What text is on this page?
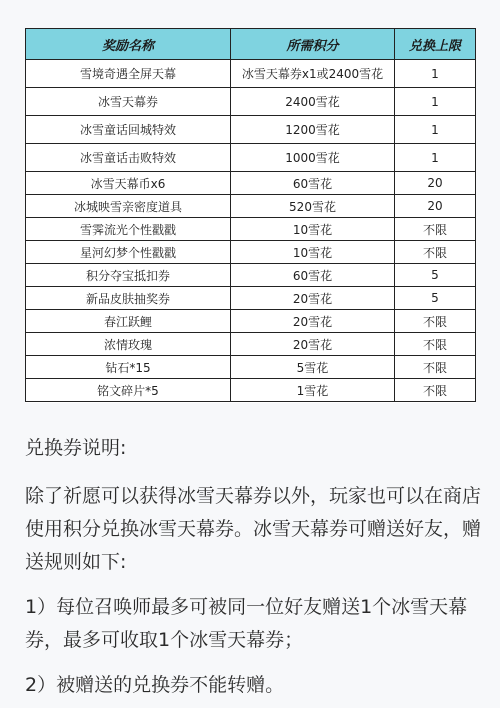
奖励名称	所需积分	兑换上限
雪境奇遇全屏天幕	冰雪天幕券x1或2400雪花	1
冰雪天幕券	2400雪花	1
冰雪童话回城特效	1200雪花	1
冰雪童话击败特效	1000雪花	1
冰雪天幕币x6	60雪花	20
冰城映雪亲密度道具	520雪花	20
雪霁流光个性戳戳	10雪花	不限
星河幻梦个性戳戳	10雪花	不限
积分夺宝抵扣券	60雪花	5
新品皮肤抽奖券	20雪花	5
春江跃鲤	20雪花	不限
浓情玫瑰	20雪花	不限
钻石*15	5雪花	不限
铭文碎片*5	1雪花	不限

兑换券说明:

除了祈愿可以获得冰雪天幕券以外，玩家也可以在商店使用积分兑换冰雪天幕券。冰雪天幕券可赠送好友，赠送规则如下:

1）每位召唤师最多可被同一位好友赠送1个冰雪天幕券，最多可收取1个冰雪天幕券；

2）被赠送的兑换券不能转赠。
